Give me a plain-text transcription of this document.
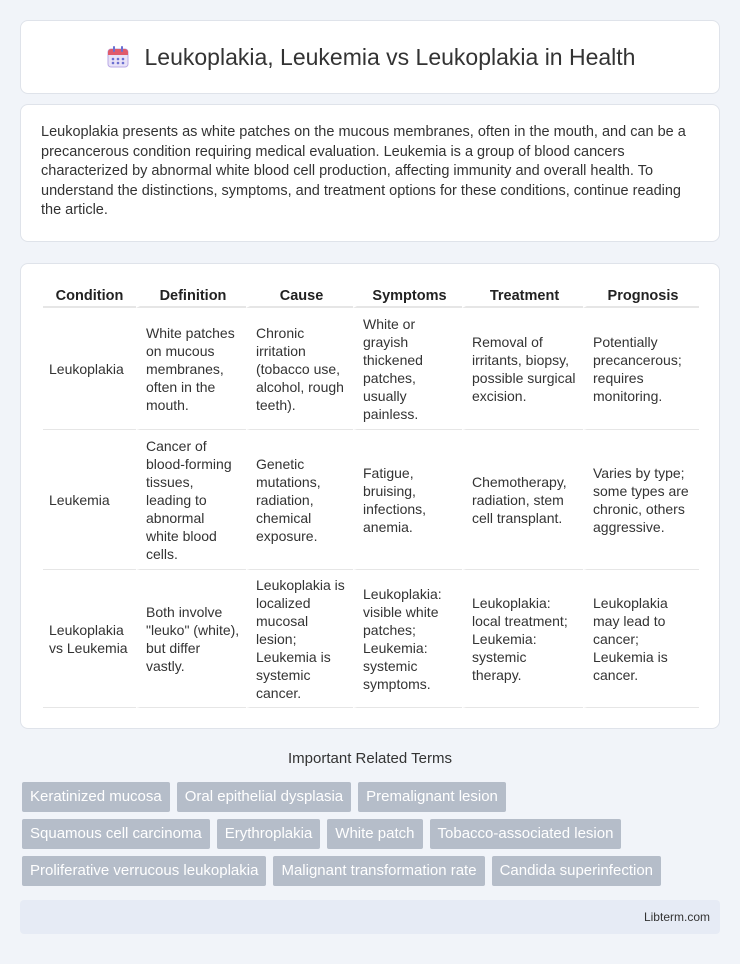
Leukoplakia, Leukemia vs Leukoplakia in Health

Leukoplakia presents as white patches on the mucous membranes, often in the mouth, and can be a precancerous condition requiring medical evaluation. Leukemia is a group of blood cancers characterized by abnormal white blood cell production, affecting immunity and overall health. To understand the distinctions, symptoms, and treatment options for these conditions, continue reading the article.

Condition	Definition	Cause	Symptoms	Treatment	Prognosis
Leukoplakia	White patches on mucous membranes, often in the mouth.	Chronic irritation (tobacco use, alcohol, rough teeth).	White or grayish thickened patches, usually painless.	Removal of irritants, biopsy, possible surgical excision.	Potentially precancerous; requires monitoring.
Leukemia	Cancer of blood-forming tissues, leading to abnormal white blood cells.	Genetic mutations, radiation, chemical exposure.	Fatigue, bruising, infections, anemia.	Chemotherapy, radiation, stem cell transplant.	Varies by type; some types are chronic, others aggressive.
Leukoplakia vs Leukemia	Both involve "leuko" (white), but differ vastly.	Leukoplakia is localized mucosal lesion; Leukemia is systemic cancer.	Leukoplakia: visible white patches; Leukemia: systemic symptoms.	Leukoplakia: local treatment; Leukemia: systemic therapy.	Leukoplakia may lead to cancer; Leukemia is cancer.
Important Related Terms
Keratinized mucosa	Oral epithelial dysplasia	Premalignant lesion
Squamous cell carcinoma	Erythroplakia	White patch	Tobacco-associated lesion
Proliferative verrucous leukoplakia	Malignant transformation rate	Candida superinfection
Libterm.com
